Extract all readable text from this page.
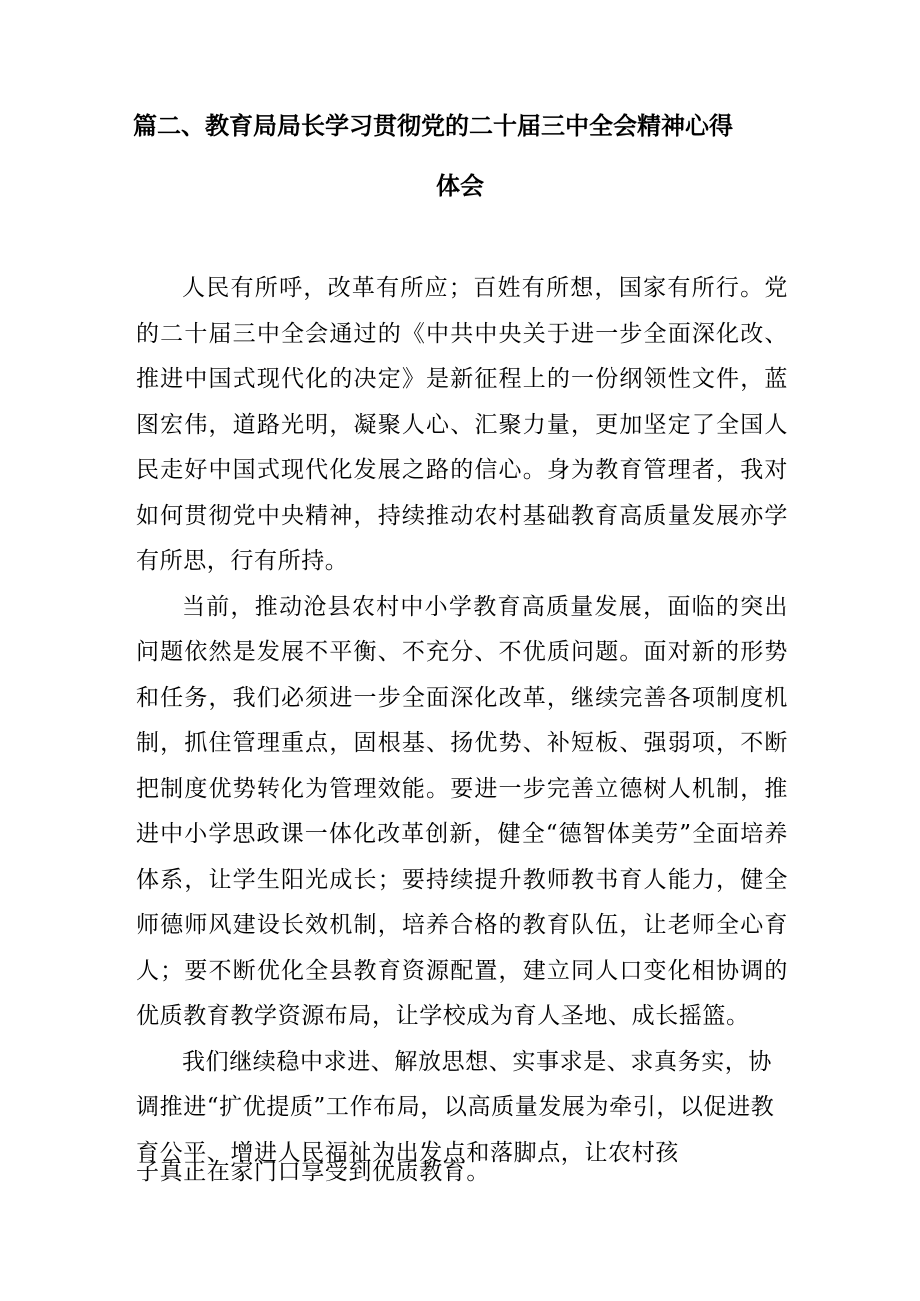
篇二、教育局局长学习贯彻党的二十届三中全会精神心得
体会

人民有所呼，改革有所应；百姓有所想，国家有所行。党的二十届三中全会通过的《中共中央关于进一步全面深化改、推进中国式现代化的决定》是新征程上的一份纲领性文件，蓝图宏伟，道路光明，凝聚人心、汇聚力量，更加坚定了全国人民走好中国式现代化发展之路的信心。身为教育管理者，我对如何贯彻党中央精神，持续推动农村基础教育高质量发展亦学有所思，行有所持。

当前，推动沧县农村中小学教育高质量发展，面临的突出问题依然是发展不平衡、不充分、不优质问题。面对新的形势和任务，我们必须进一步全面深化改革，继续完善各项制度机制，抓住管理重点，固根基、扬优势、补短板、强弱项，不断把制度优势转化为管理效能。要进一步完善立德树人机制，推进中小学思政课一体化改革创新，健全“德智体美劳”全面培养体系，让学生阳光成长；要持续提升教师教书育人能力，健全师德师风建设长效机制，培养合格的教育队伍，让老师全心育人；要不断优化全县教育资源配置，建立同人口变化相协调的优质教育教学资源布局，让学校成为育人圣地、成长摇篮。

我们继续稳中求进、解放思想、实事求是、求真务实，协调推进“扩优提质”工作布局，以高质量发展为牵引，以促进教育公平、增进人民福祉为出发点和落脚点，让农村孩

子真正在家门口享受到优质教育。
